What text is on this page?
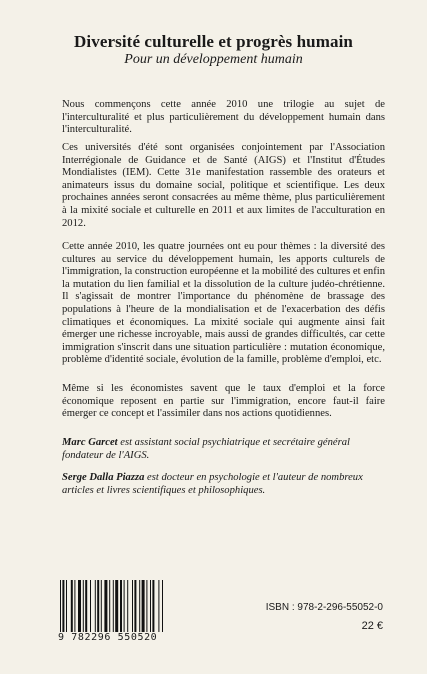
Diversité culturelle et progrès humain
Pour un développement humain
Nous commençons cette année 2010 une trilogie au sujet de l'interculturalité et plus particulièrement du développement humain dans l'interculturalité.
Ces universités d'été sont organisées conjointement par l'Association Interrégionale de Guidance et de Santé (AIGS) et l'Institut d'Études Mondialistes (IEM). Cette 31e manifestation rassemble des orateurs et animateurs issus du domaine social, politique et scientifique. Les deux prochaines années seront consacrées au même thème, plus particulièrement à la mixité sociale et culturelle en 2011 et aux limites de l'acculturation en 2012.
Cette année 2010, les quatre journées ont eu pour thèmes : la diversité des cultures au service du développement humain, les apports culturels de l'immigration, la construction européenne et la mobilité des cultures et enfin la mutation du lien familial et la dissolution de la culture judéo-chrétienne. Il s'agissait de montrer l'importance du phénomène de brassage des populations à l'heure de la mondialisation et de l'exacerbation des défis climatiques et économiques. La mixité sociale qui augmente ainsi fait émerger une richesse incroyable, mais aussi de grandes difficultés, car cette immigration s'inscrit dans une situation particulière : mutation économique, problème d'identité sociale, évolution de la famille, problème d'emploi, etc.
Même si les économistes savent que le taux d'emploi et la force économique reposent en partie sur l'immigration, encore faut-il faire émerger ce concept et l'assimiler dans nos actions quotidiennes.
Marc Garcet est assistant social psychiatrique et secrétaire général fondateur de l'AIGS.
Serge Dalla Piazza est docteur en psychologie et l'auteur de nombreux articles et livres scientifiques et philosophiques.
9 782296 550520
ISBN : 978-2-296-55052-0
22 €
